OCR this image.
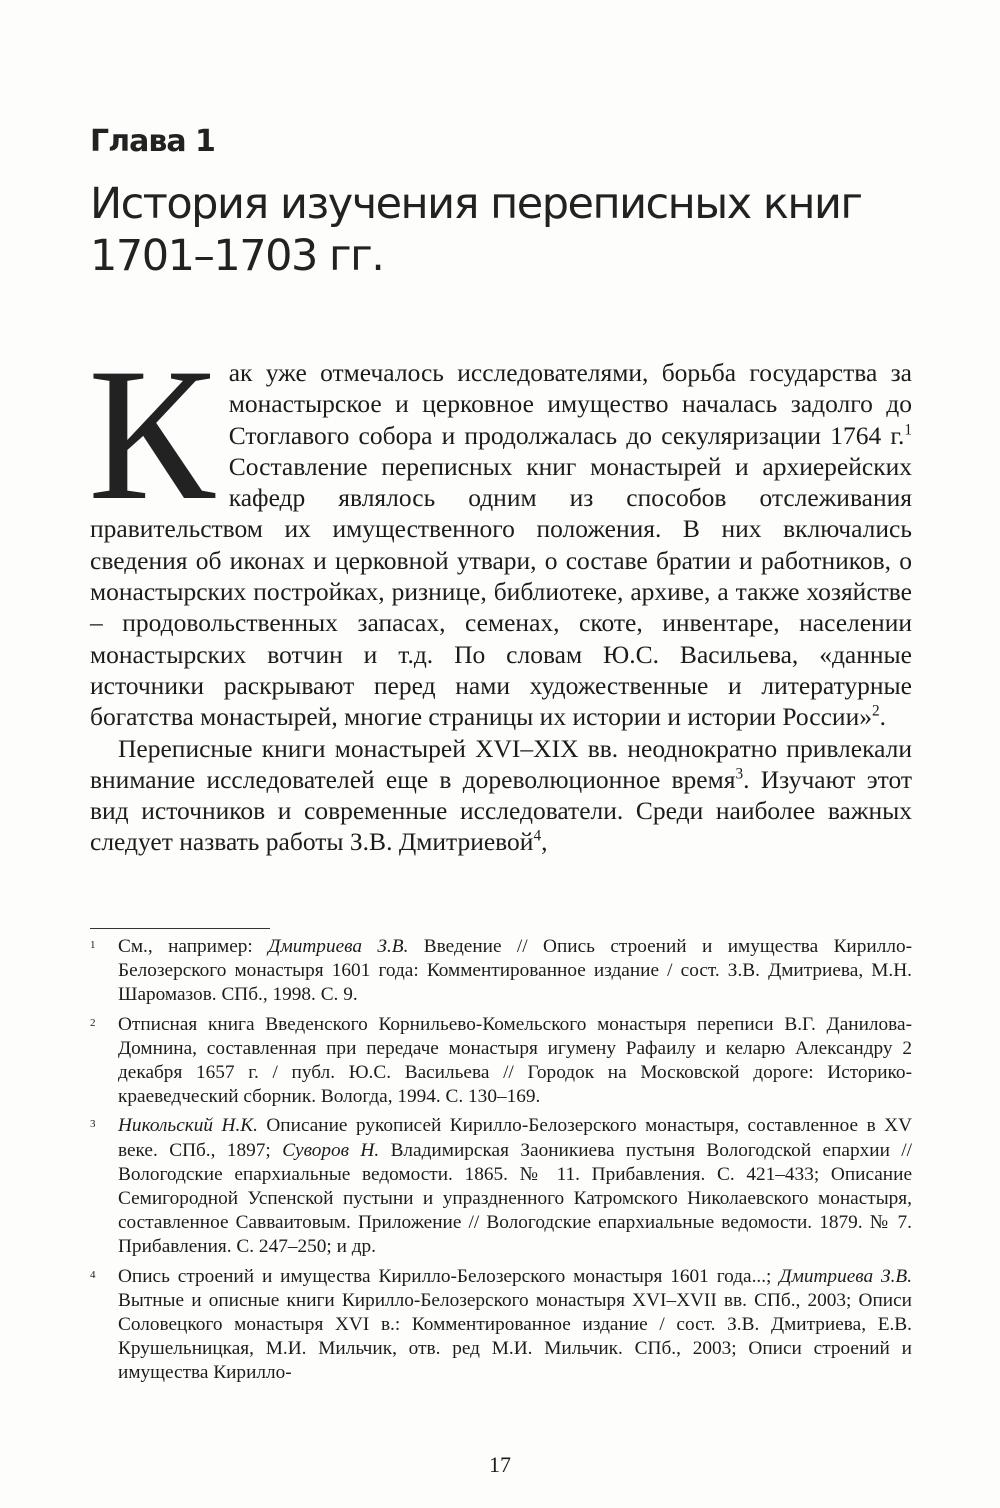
Глава 1
История изучения переписных книг
1701–1703 гг.

Как уже отмечалось исследователями, борьба государства за монастырское и церковное имущество началась задолго до Стоглавого собора и продолжалась до секуляризации 1764 г.$^1$ Составление переписных книг монастырей и архиерейских кафедр являлось одним из способов отслеживания правительством их имущественного положения. В них включались сведения об иконах и церковной утвари, о составе братии и работников, о монастырских постройках, ризнице, библиотеке, архиве, а также хозяйстве – продовольственных запасах, семенах, скоте, инвентаре, населении монастырских вотчин и т.д. По словам Ю.С. Васильева, «данные источники раскрывают перед нами художественные и литературные богатства монастырей, многие страницы их истории и истории России»$^2$.

Переписные книги монастырей XVI–XIX вв. неоднократно привлекали внимание исследователей еще в дореволюционное время$^3$. Изучают этот вид источников и современные исследователи. Среди наиболее важных следует назвать работы З.В. Дмитриевой$^4$,

1 См., например: Дмитриева З.В. Введение // Опись строений и имущества Кирилло-Белозерского монастыря 1601 года: Комментированное издание / сост. З.В. Дмитриева, М.Н. Шаромазов. СПб., 1998. С. 9.
2 Отписная книга Введенского Корнильево-Комельского монастыря переписи В.Г. Данилова-Домнина, составленная при передаче монастыря игумену Рафаилу и келарю Александру 2 декабря 1657 г. / публ. Ю.С. Васильева // Городок на Московской дороге: Историко-краеведческий сборник. Вологда, 1994. С. 130–169.
3 Никольский Н.К. Описание рукописей Кирилло-Белозерского монастыря, составленное в XV веке. СПб., 1897; Суворов Н. Владимирская Заоникиева пустыня Вологодской епархии // Вологодские епархиальные ведомости. 1865. № 11. Прибавления. С. 421–433; Описание Семигородной Успенской пустыни и упраздненного Катромского Николаевского монастыря, составленное Савваитовым. Приложение // Вологодские епархиальные ведомости. 1879. № 7. Прибавления. С. 247–250; и др.
4 Опись строений и имущества Кирилло-Белозерского монастыря 1601 года...; Дмитриева З.В. Вытные и описные книги Кирилло-Белозерского монастыря XVI–XVII вв. СПб., 2003; Описи Соловецкого монастыря XVI в.: Комментированное издание / сост. З.В. Дмитриева, Е.В. Крушельницкая, М.И. Мильчик, отв. ред М.И. Мильчик. СПб., 2003; Описи строений и имущества Кирилло-
17
